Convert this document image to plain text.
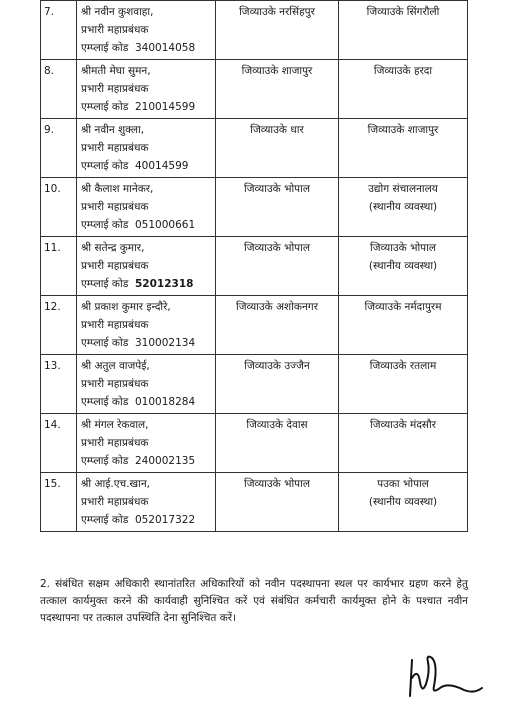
7.	श्री नवीन कुशवाहा,
प्रभारी महाप्रबंधक
एम्प्लाई कोड 340014058	जिव्याउके नरसिंहपुर	जिव्याउके सिंगरौली

8.	श्रीमती मेघा सुमन,
प्रभारी महाप्रबंधक
एम्प्लाई कोड 210014599	जिव्याउके शाजापुर	जिव्याउके हरदा

9.	श्री नवीन शुक्ला,
प्रभारी महाप्रबंधक
एम्प्लाई कोड 40014599	जिव्याउके धार	जिव्याउके शाजापुर

10.	श्री कैलाश मानेकर,
प्रभारी महाप्रबंधक
एम्प्लाई कोड 051000661	जिव्याउके भोपाल	उद्योग संचालनालय
(स्थानीय व्यवस्था)

11.	श्री सतेन्द्र कुमार,
प्रभारी महाप्रबंधक
एम्प्लाई कोड 52012318	जिव्याउके भोपाल	जिव्याउके भोपाल
(स्थानीय व्यवस्था)

12.	श्री प्रकाश कुमार इन्दौरे,
प्रभारी महाप्रबंधक
एम्प्लाई कोड 310002134	जिव्याउके अशोकनगर	जिव्याउके नर्मदापुरम

13.	श्री अतुल वाजपेई,
प्रभारी महाप्रबंधक
एम्प्लाई कोड 010018284	जिव्याउके उज्जैन	जिव्याउके रतलाम

14.	श्री मंगल रेकवाल,
प्रभारी महाप्रबंधक
एम्प्लाई कोड 240002135	जिव्याउके देवास	जिव्याउके मंदसौर

15.	श्री आई.एच.खान,
प्रभारी महाप्रबंधक
एम्प्लाई कोड 052017322	जिव्याउके भोपाल	पउका भोपाल
(स्थानीय व्यवस्था)
2. संबंधित सक्षम अधिकारी स्थानांतरित अधिकारियों को नवीन पदस्थापना स्थल पर कार्यभार ग्रहण करने हेतु तत्काल कार्यमुक्त करने की कार्यवाही सुनिश्चित करें एवं संबंधित कर्मचारी कार्यमुक्त होने के पश्चात नवीन पदस्थापना पर तत्काल उपस्थिति देना सुनिश्चित करें।
